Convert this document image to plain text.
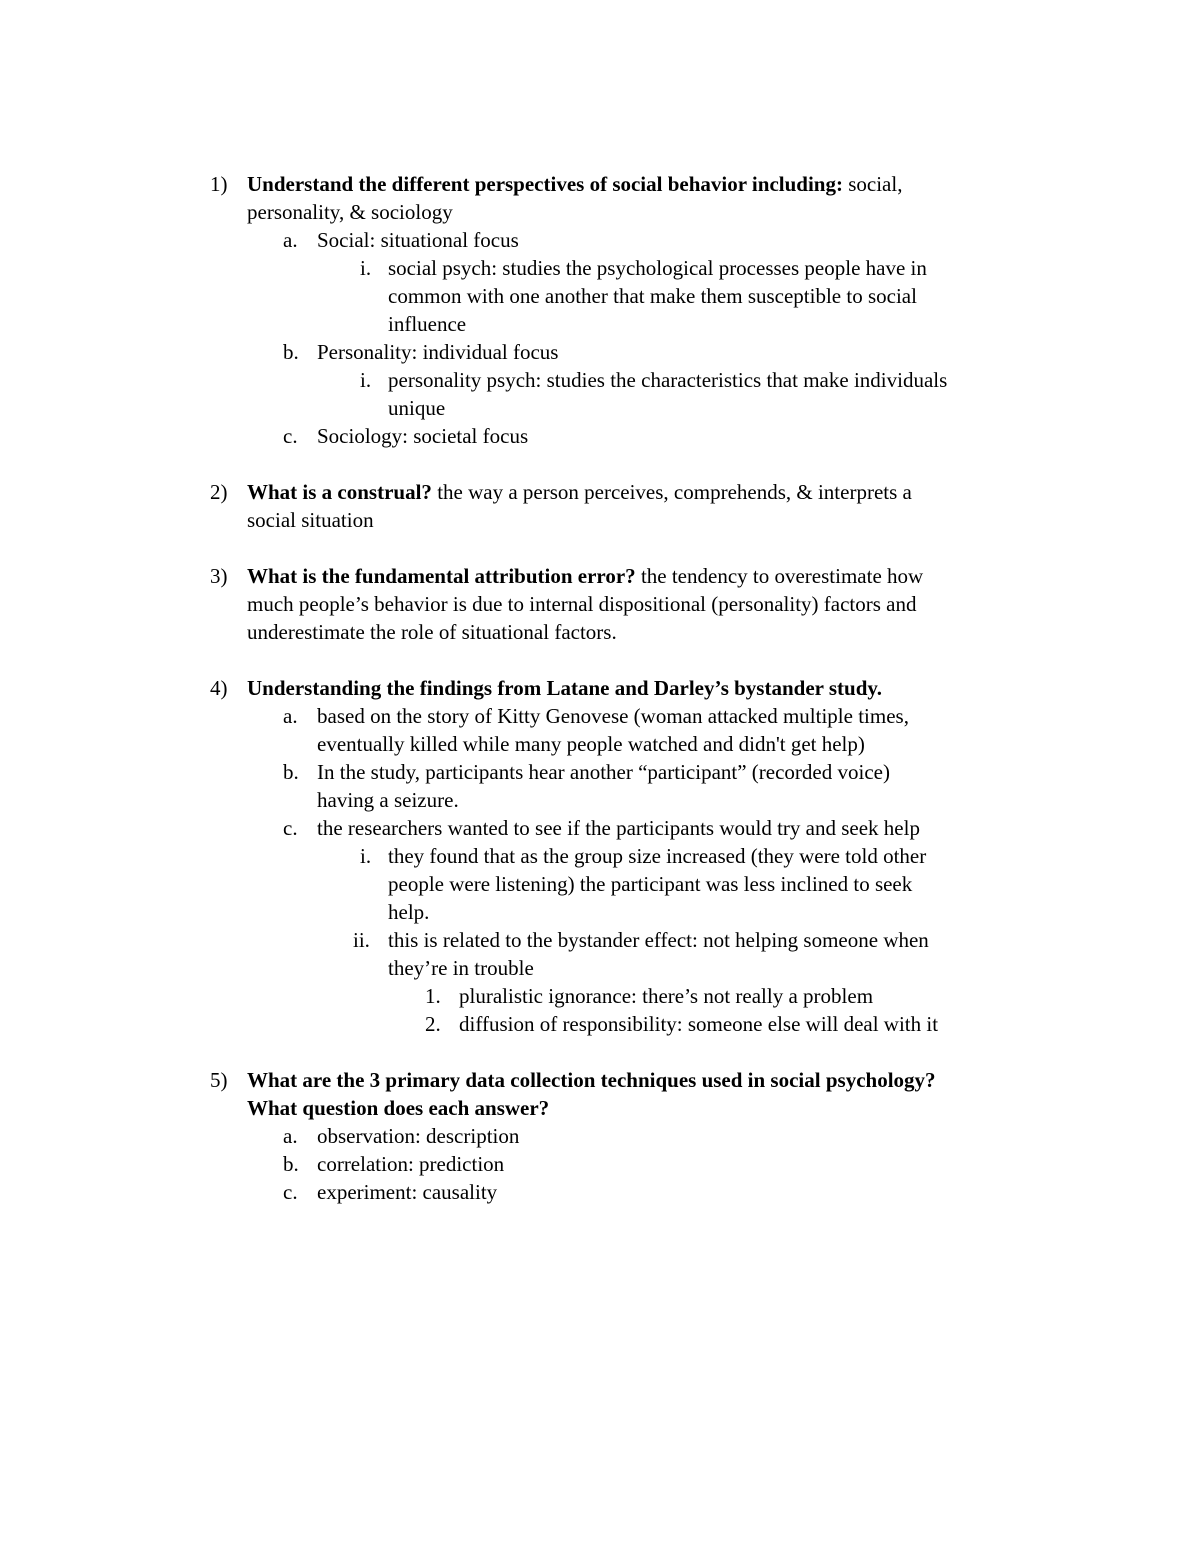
1) Understand the different perspectives of social behavior including: social,
personality, & sociology
a. Social: situational focus
i. social psych: studies the psychological processes people have in
common with one another that make them susceptible to social
influence
b. Personality: individual focus
i. personality psych: studies the characteristics that make individuals
unique
c. Sociology: societal focus
2) What is a construal? the way a person perceives, comprehends, & interprets a
social situation
3) What is the fundamental attribution error? the tendency to overestimate how
much people’s behavior is due to internal dispositional (personality) factors and
underestimate the role of situational factors.
4) Understanding the findings from Latane and Darley’s bystander study.
a. based on the story of Kitty Genovese (woman attacked multiple times,
eventually killed while many people watched and didn't get help)
b. In the study, participants hear another “participant” (recorded voice)
having a seizure.
c. the researchers wanted to see if the participants would try and seek help
i. they found that as the group size increased (they were told other
people were listening) the participant was less inclined to seek
help.
ii. this is related to the bystander effect: not helping someone when
they’re in trouble
1. pluralistic ignorance: there’s not really a problem
2. diffusion of responsibility: someone else will deal with it
5) What are the 3 primary data collection techniques used in social psychology?
What question does each answer?
a. observation: description
b. correlation: prediction
c. experiment: causality
